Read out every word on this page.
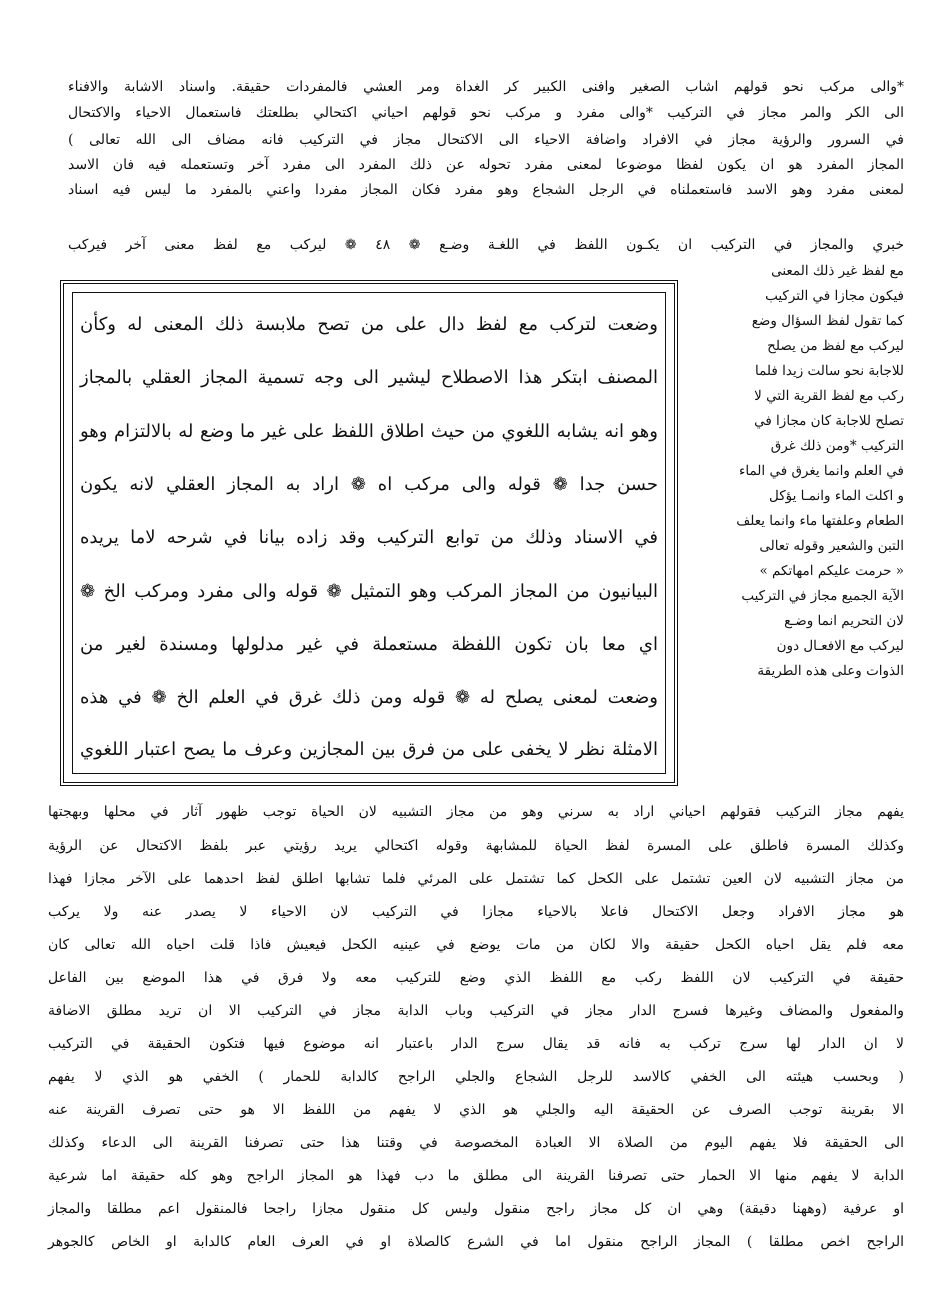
*والى مركب نحو قولهم اشاب الصغير وافنى الكبير كر الغداة ومر العشي فالمفردات حقيقة. واسناد الاشابة والافناء
الى الكر والمر مجاز في التركيب *والى مفرد و مركب نحو قولهم احياني اكتحالي بطلعتك فاستعمال الاحياء والاكتحال
في السرور والرؤية مجاز في الافراد واضافة الاحياء الى الاكتحال مجاز في التركيب فانه مضاف الى الله تعالى )
المجاز المفرد هو ان يكون لفظا موضوعا لمعنى مفرد تحوله عن ذلك المفرد الى مفرد آخر وتستعمله فيه فان الاسد
لمعنى مفرد وهو الاسد فاستعملناه في الرجل الشجاع وهو مفرد فكان المجاز مفردا واعني بالمفرد ما ليس فيه اسناد
خبري والمجاز في التركيب ان يكـون اللفظ في اللغـة وضـع ❁ ٤٨ ❁ ليركب مع لفظ معنى آخر فيركب
مع لفظ غير ذلك المعنى
فيكون مجازا في التركيب
كما تقول لفظ السؤال وضع
ليركب مع لفظ من يصلح
للاجابة نحو سالت زيدا فلما
ركب مع لفظ القرية التي لا
تصلح للاجابة كان مجازا في
التركيب *ومن ذلك غرق
في العلم وانما يغرق في الماء
و اكلت الماء وانمـا يؤكل
الطعام وعلفتها ماء وانما يعلف
التبن والشعير وقوله تعالى
« حرمت عليكم امهاتكم »
الآية الجميع مجاز في التركيب
لان التحريم انما وضـع
ليركب مع الافعـال دون
الذوات وعلى هذه الطريقة
وضعت لتركب مع لفظ دال على من تصح ملابسة ذلك المعنى له وكأن
المصنف ابتكر هذا الاصطلاح ليشير الى وجه تسمية المجاز العقلي بالمجاز
وهو انه يشابه اللغوي من حيث اطلاق اللفظ على غير ما وضع له بالالتزام وهو
حسن جدا ❁ قوله والى مركب اه ❁ اراد به المجاز العقلي لانه يكون
في الاسناد وذلك من توابع التركيب وقد زاده بيانا في شرحه لاما يريده
البيانيون من المجاز المركب وهو التمثيل ❁ قوله والى مفرد ومركب الخ ❁
اي معا بان تكون اللفظة مستعملة في غير مدلولها ومسندة لغير من
وضعت لمعنى يصلح له ❁ قوله ومن ذلك غرق في العلم الخ ❁ في هذه
الامثلة نظر لا يخفى على من فرق بين المجازين وعرف ما يصح اعتبار اللغوي
يفهم مجاز التركيب فقولهم احياني اراد به سرني وهو من مجاز التشبيه لان الحياة توجب ظهور آثار في محلها وبهجتها
وكذلك المسرة فاطلق على المسرة لفظ الحياة للمشابهة وقوله اكتحالي يريد رؤيتي عبر بلفظ الاكتحال عن الرؤية
من مجاز التشبيه لان العين تشتمل على الكحل كما تشتمل على المرئي فلما تشابها اطلق لفظ احدهما على الآخر مجازا فهذا
هو مجاز الافراد وجعل الاكتحال فاعلا بالاحياء مجازا في التركيب لان الاحياء لا يصدر عنه ولا يركب
معه فلم يقل احياه الكحل حقيقة والا لكان من مات يوضع في عينيه الكحل فيعيش فاذا قلت احياه الله تعالى كان
حقيقة في التركيب لان اللفظ ركب مع اللفظ الذي وضع للتركيب معه ولا فرق في هذا الموضع بين الفاعل
والمفعول والمضاف وغيرها فسرج الدار مجاز في التركيب وباب الدابة مجاز في التركيب الا ان تريد مطلق الاضافة
لا ان الدار لها سرج تركب به فانه قد يقال سرج الدار باعتبار انه موضوع فيها فتكون الحقيقة في التركيب
( وبحسب هيئته الى الخفي كالاسد للرجل الشجاع والجلي الراجح كالدابة للحمار ) الخفي هو الذي لا يفهم
الا بقرينة توجب الصرف عن الحقيقة اليه والجلي هو الذي لا يفهم من اللفظ الا هو حتى تصرف القرينة عنه
الى الحقيقة فلا يفهم اليوم من الصلاة الا العبادة المخصوصة في وقتنا هذا حتى تصرفنا القرينة الى الدعاء وكذلك
الدابة لا يفهم منها الا الحمار حتى تصرفنا القرينة الى مطلق ما دب فهذا هو المجاز الراجح وهو كله حقيقة اما شرعية
او عرفية (وههنا دقيقة) وهي ان كل مجاز راجح منقول وليس كل منقول مجازا راجحا فالمنقول اعم مطلقا والمجاز
الراجح اخص مطلقا ) المجاز الراجح منقول اما في الشرع كالصلاة او في العرف العام كالدابة او الخاص كالجوهر
